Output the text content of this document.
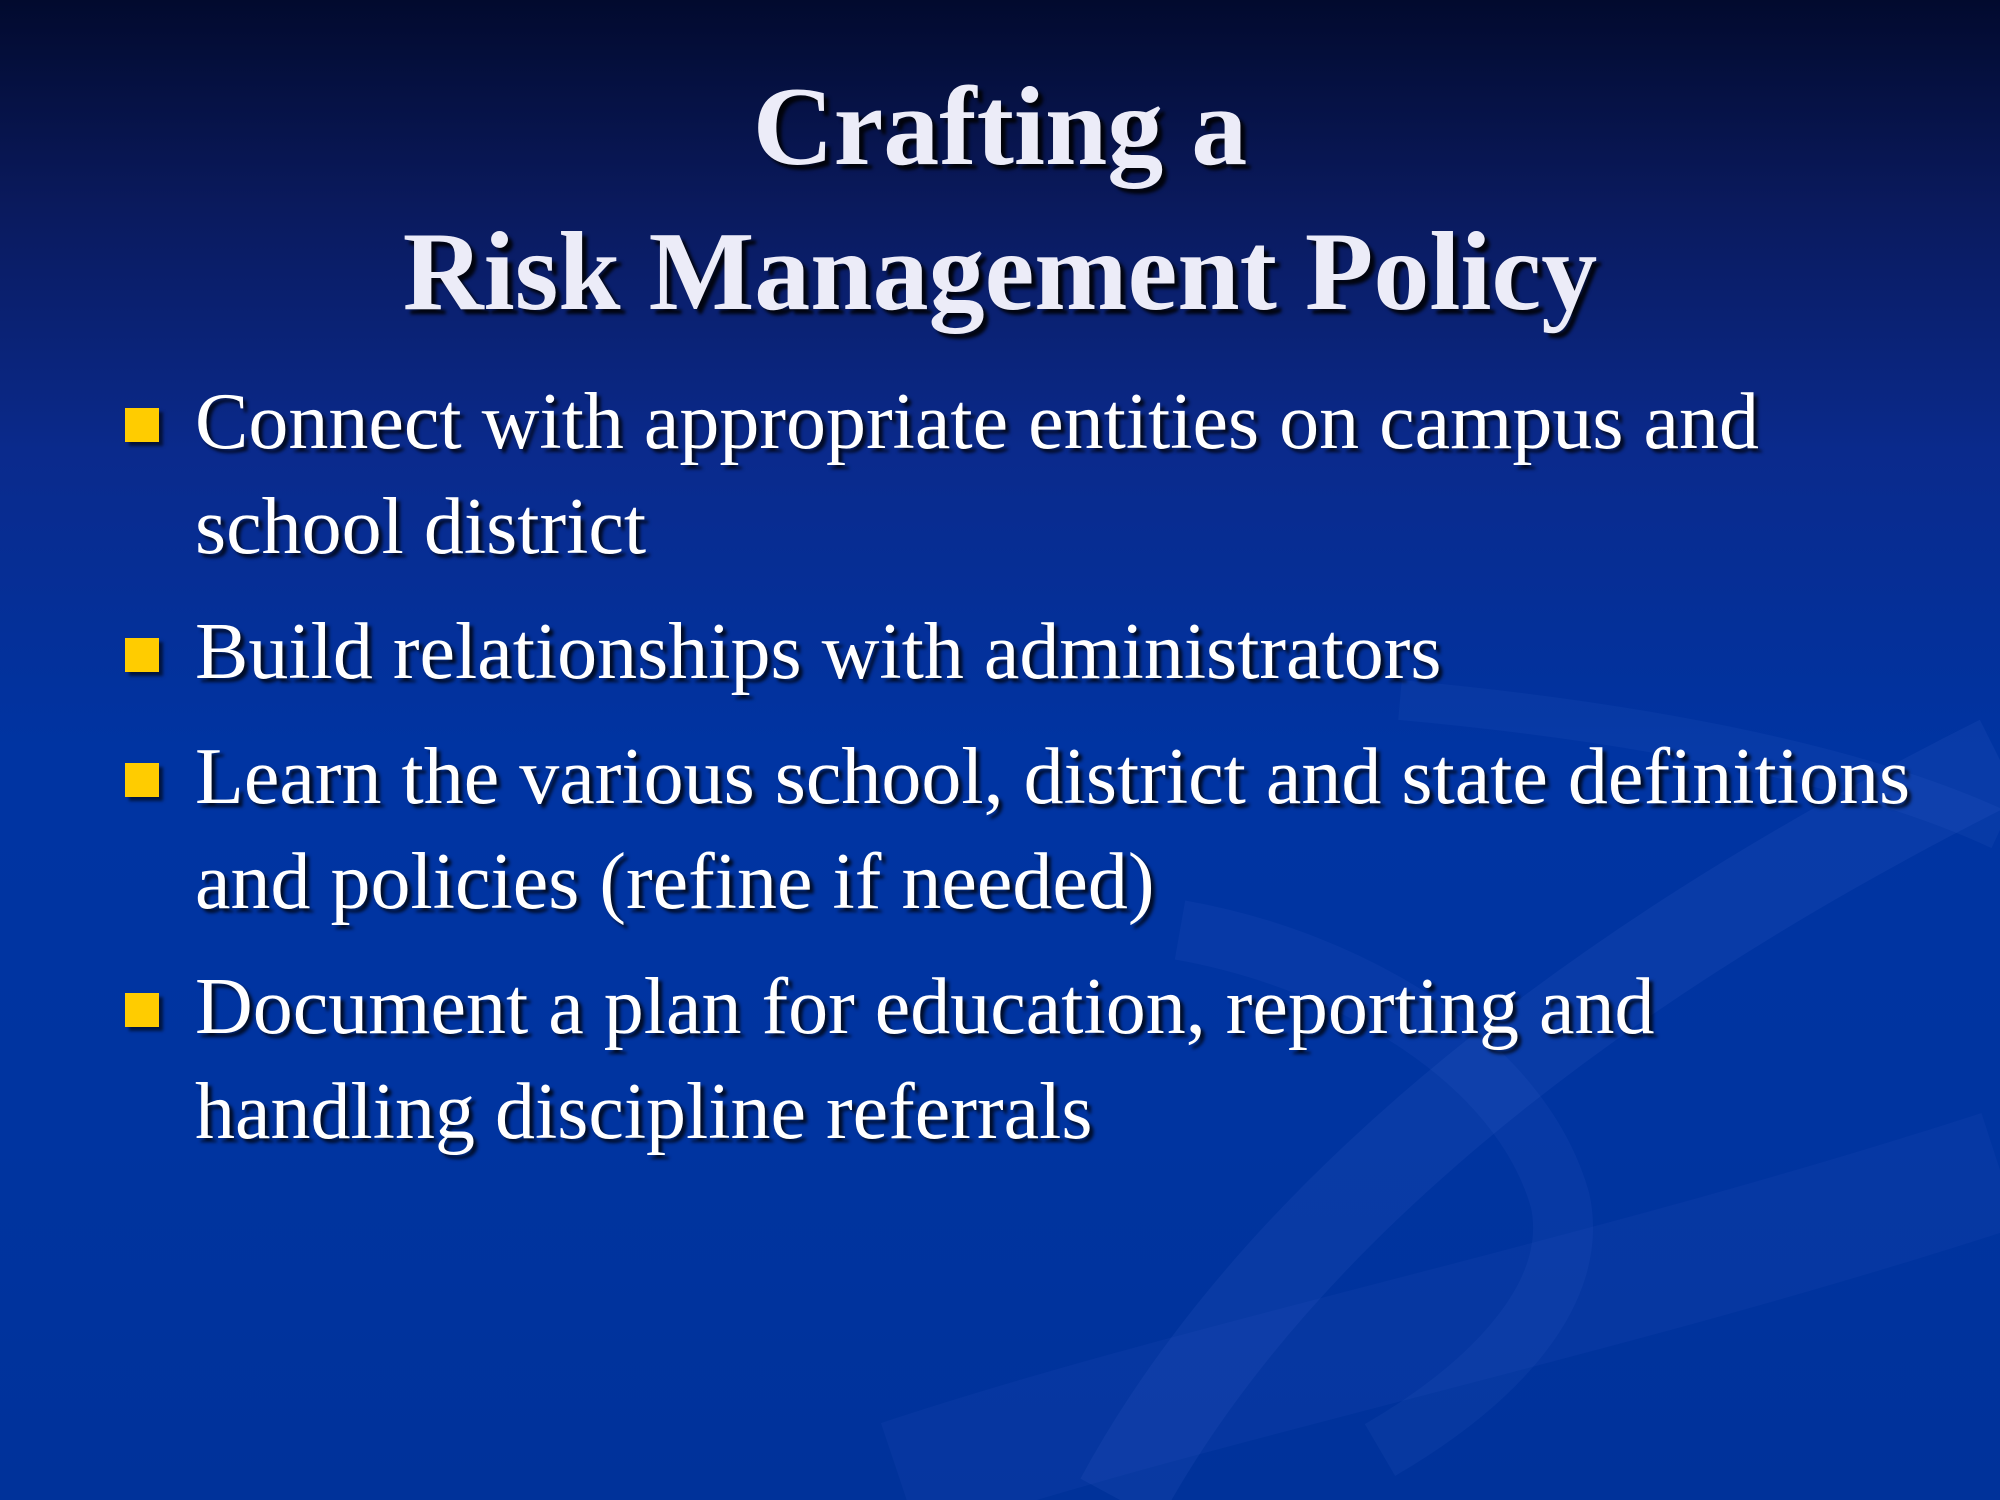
Crafting a
Risk Management Policy
Connect with appropriate entities on campus and school district
Build relationships with administrators
Learn the various school, district and state definitions and policies (refine if needed)
Document a plan for education, reporting and handling discipline referrals
